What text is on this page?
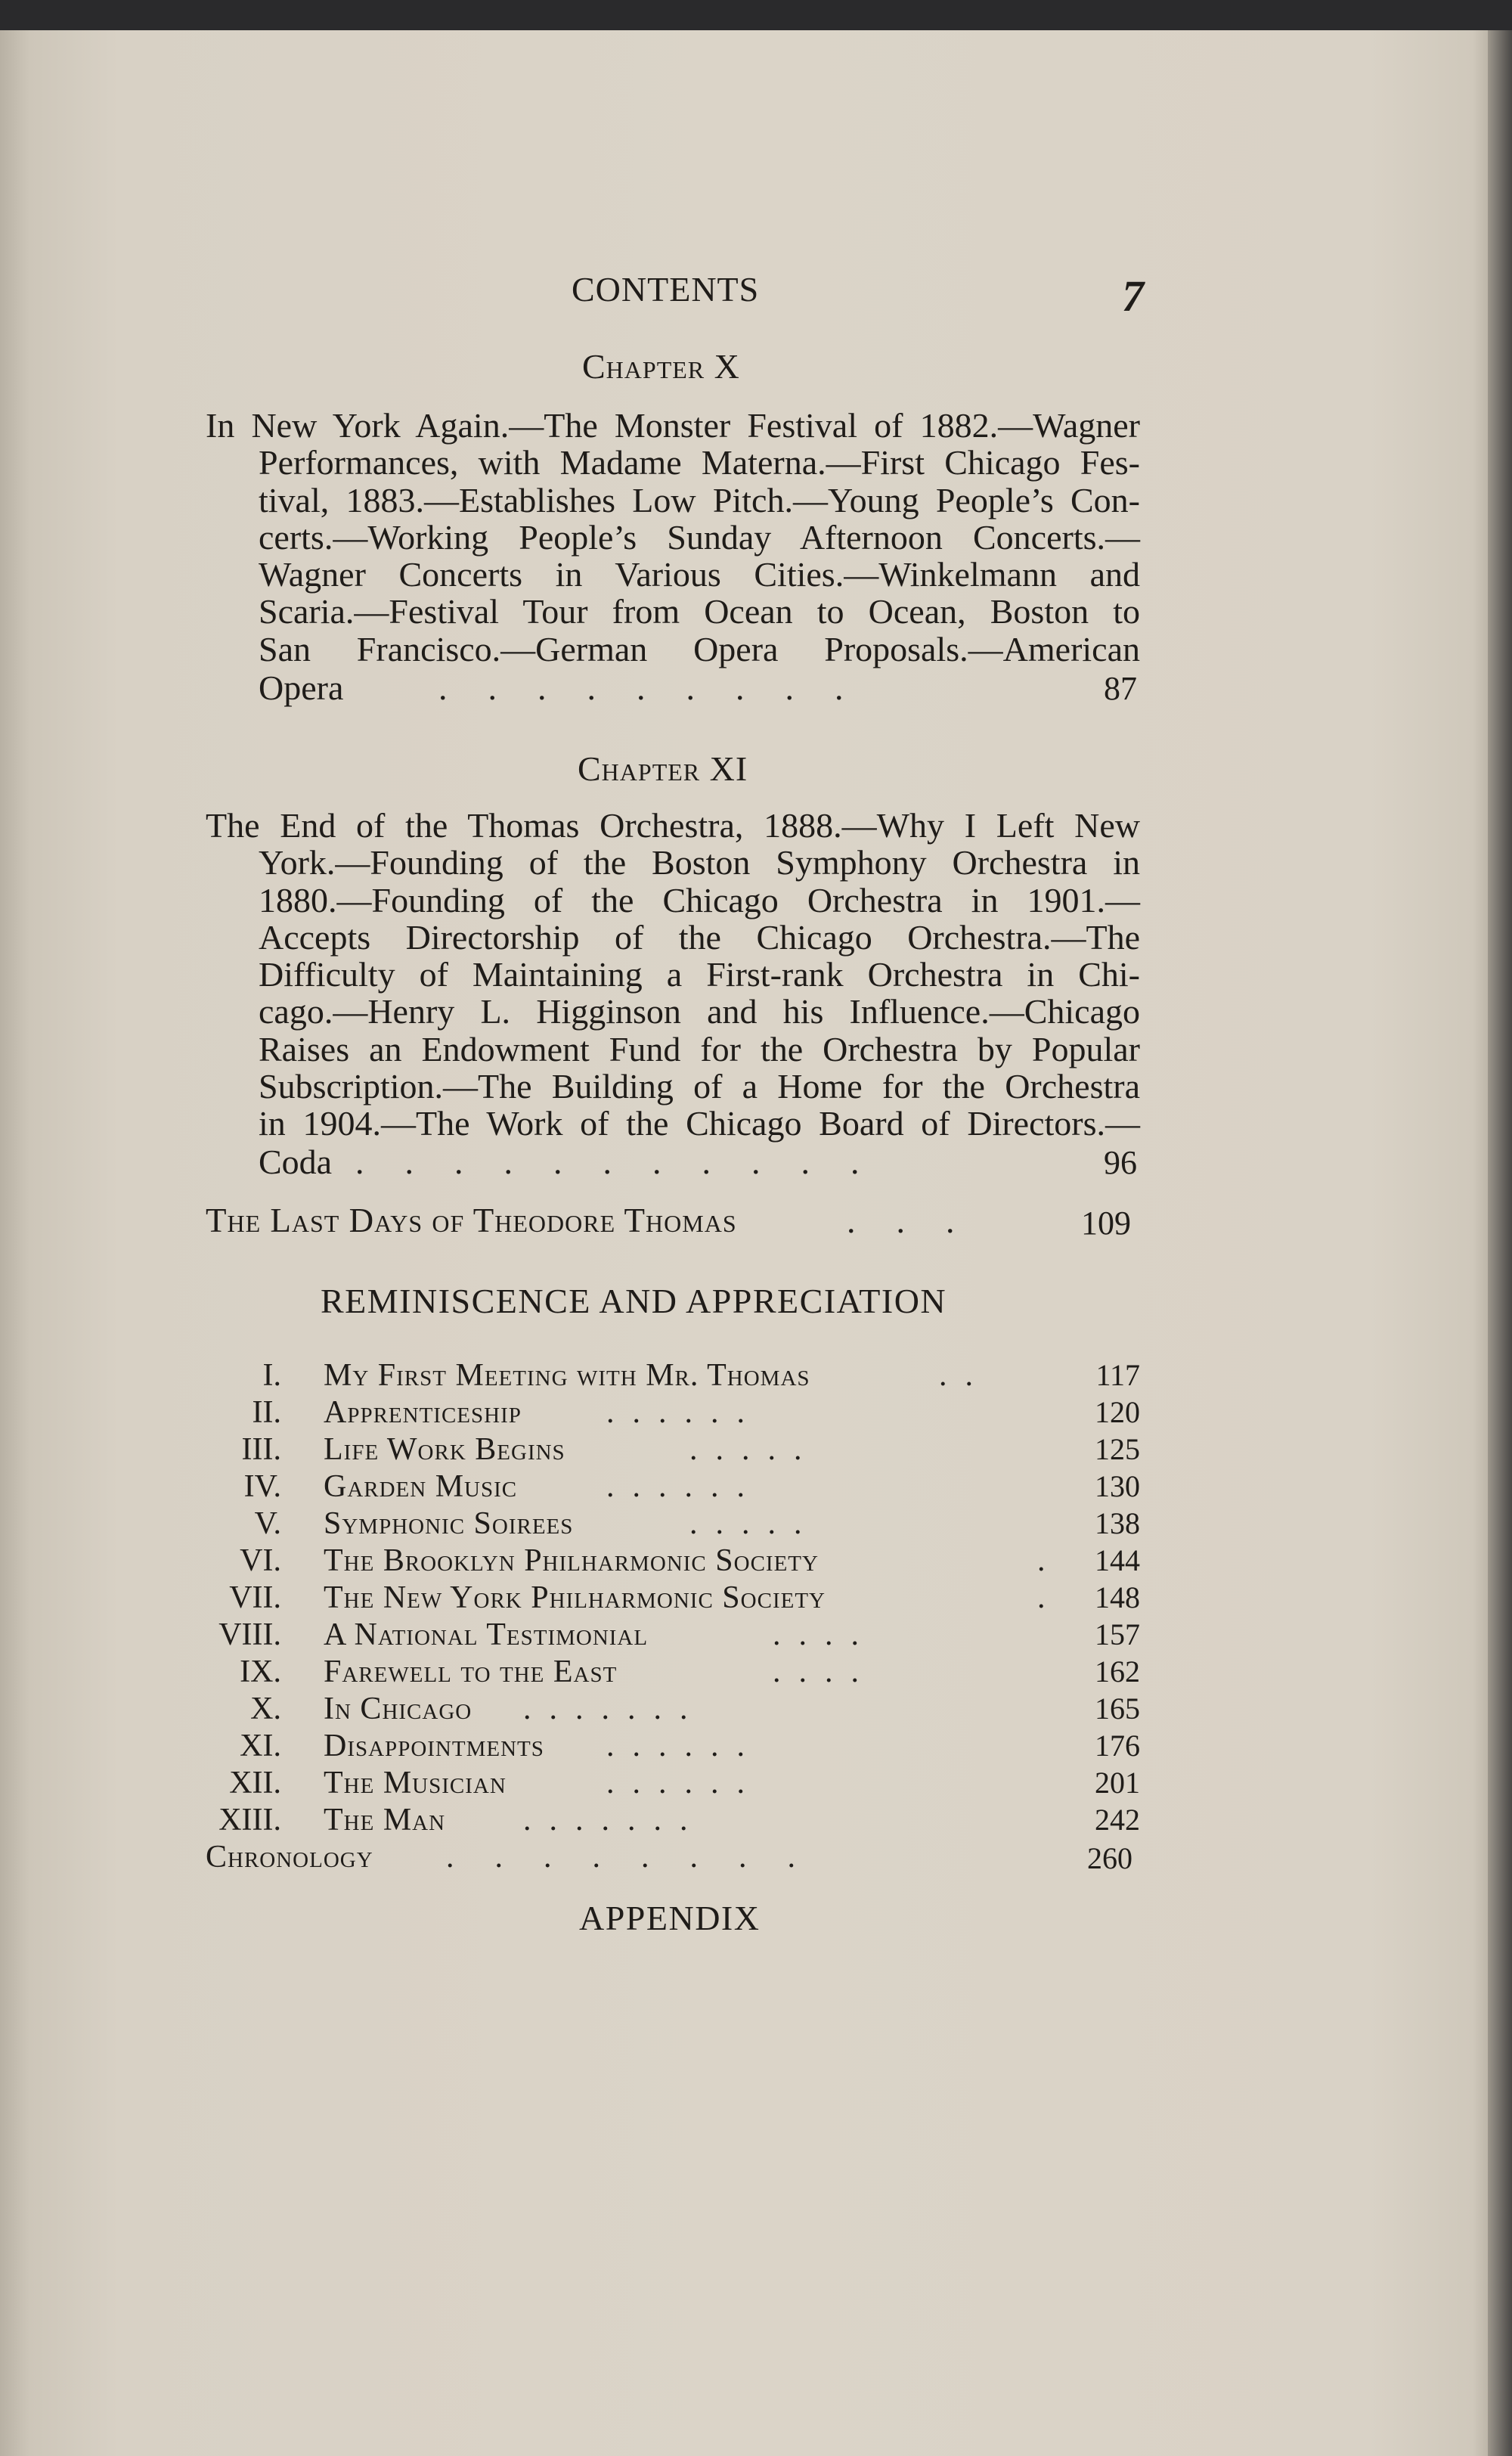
CONTENTS	7
Chapter X
In New York Again.—The Monster Festival of 1882.—Wagner
Performances, with Madame Materna.—First Chicago Fes-
tival, 1883.—Establishes Low Pitch.—Young People’s Con-
certs.—Working People’s Sunday Afternoon Concerts.—
Wagner Concerts in Various Cities.—Winkelmann and
Scaria.—Festival Tour from Ocean to Ocean, Boston to
San Francisco.—German Opera Proposals.—American
Opera	.........	87
Chapter XI
The End of the Thomas Orchestra, 1888.—Why I Left New
York.—Founding of the Boston Symphony Orchestra in
1880.—Founding of the Chicago Orchestra in 1901.—
Accepts Directorship of the Chicago Orchestra.—The
Difficulty of Maintaining a First-rank Orchestra in Chi-
cago.—Henry L. Higginson and his Influence.—Chicago
Raises an Endowment Fund for the Orchestra by Popular
Subscription.—The Building of a Home for the Orchestra
in 1904.—The Work of the Chicago Board of Directors.—
Coda ...........	96
The Last Days of Theodore Thomas	...	109
REMINISCENCE AND APPRECIATION
I. My First Meeting with Mr. Thomas	..	117
II. Apprenticeship	......	120
III. Life Work Begins	.....	125
IV. Garden Music	......	130
V. Symphonic Soirees	.....	138
VI. The Brooklyn Philharmonic Society	. 144
VII. The New York Philharmonic Society	. 148
VIII. A National Testimonial	....	157
IX. Farewell to the East	....	162
X. In Chicago .......	165
XI. Disappointments ......	176
XII. The Musician	......	201
XIII. The Man .......	242
Chronology ........	260
APPENDIX
